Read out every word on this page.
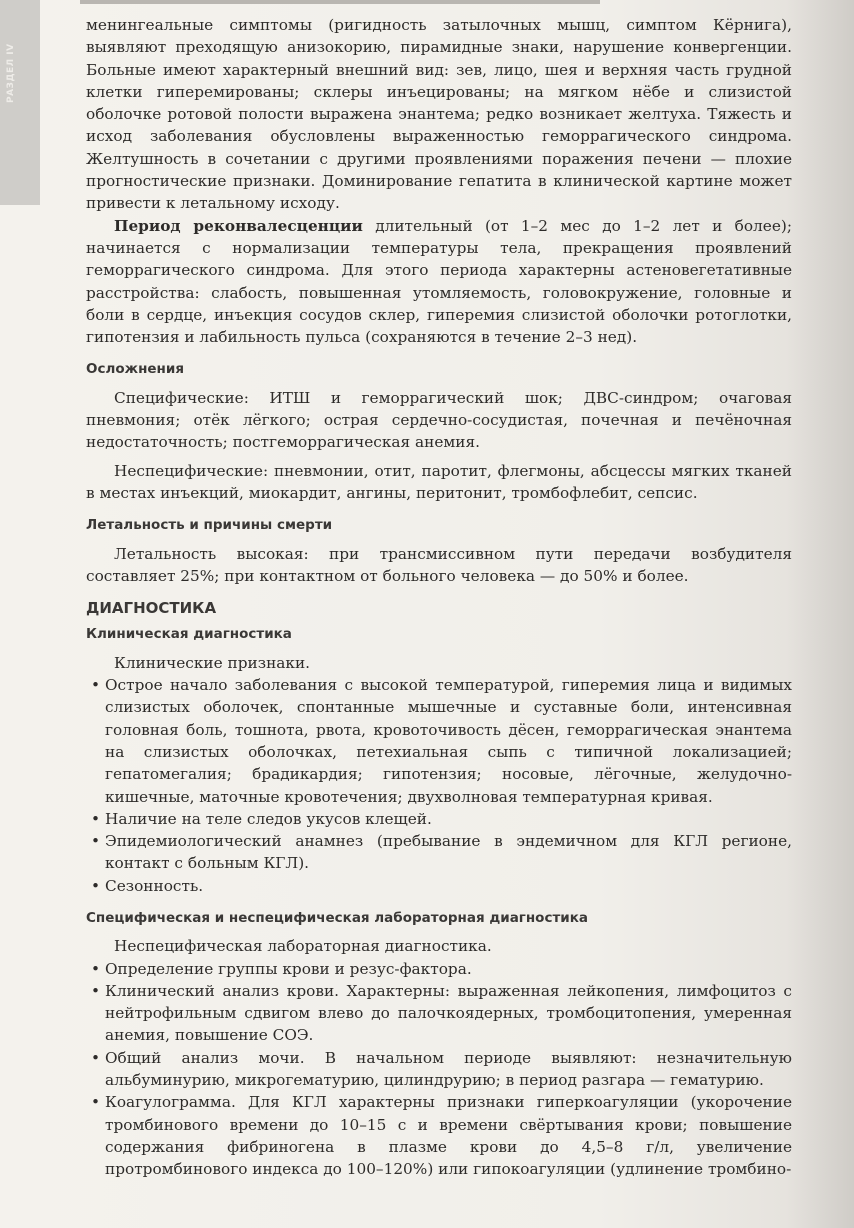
РАЗДЕЛ IV

менингеальные симптомы (ригидность затылочных мышц, симптом Кёрнига), выявляют преходящую анизокорию, пирамидные знаки, нарушение конвергенции. Больные имеют характерный внешний вид: зев, лицо, шея и верхняя часть грудной клетки гиперемированы; склеры инъецированы; на мягком нёбе и слизистой оболочке ротовой полости выражена энантема; редко возникает желтуха. Тяжесть и исход заболевания обусловлены выраженностью геморрагического синдрома. Желтушность в сочетании с другими проявлениями поражения печени — плохие прогностические признаки. Доминирование гепатита в клинической картине может привести к летальному исходу.

Период реконвалесценции длительный (от 1–2 мес до 1–2 лет и более); начинается с нормализации температуры тела, прекращения проявлений геморрагического синдрома. Для этого периода характерны астеновегетативные расстройства: слабость, повышенная утомляемость, головокружение, головные и боли в сердце, инъекция сосудов склер, гиперемия слизистой оболочки ротоглотки, гипотензия и лабильность пульса (сохраняются в течение 2–3 нед).

Осложнения

Специфические: ИТШ и геморрагический шок; ДВС-синдром; очаговая пневмония; отёк лёгкого; острая сердечно-сосудистая, почечная и печёночная недостаточность; постгеморрагическая анемия.

Неспецифические: пневмонии, отит, паротит, флегмоны, абсцессы мягких тканей в местах инъекций, миокардит, ангины, перитонит, тромбофлебит, сепсис.

Летальность и причины смерти

Летальность высокая: при трансмиссивном пути передачи возбудителя составляет 25%; при контактном от больного человека — до 50% и более.

ДИАГНОСТИКА
Клиническая диагностика

Клинические признаки.

• Острое начало заболевания с высокой температурой, гиперемия лица и видимых слизистых оболочек, спонтанные мышечные и суставные боли, интенсивная головная боль, тошнота, рвота, кровоточивость дёсен, геморрагическая энантема на слизистых оболочках, петехиальная сыпь с типичной локализацией; гепатомегалия; брадикардия; гипотензия; носовые, лёгочные, желудочно-кишечные, маточные кровотечения; двухволновая температурная кривая.
• Наличие на теле следов укусов клещей.
• Эпидемиологический анамнез (пребывание в эндемичном для КГЛ регионе, контакт с больным КГЛ).
• Сезонность.
Специфическая и неспецифическая лабораторная диагностика

Неспецифическая лабораторная диагностика.

• Определение группы крови и резус-фактора.
• Клинический анализ крови. Характерны: выраженная лейкопения, лимфоцитоз с нейтрофильным сдвигом влево до палочкоядерных, тромбоцитопения, умеренная анемия, повышение СОЭ.
• Общий анализ мочи. В начальном периоде выявляют: незначительную альбуминурию, микрогематурию, цилиндрурию; в период разгара — гематурию.
• Коагулограмма. Для КГЛ характерны признаки гиперкоагуляции (укорочение тромбинового времени до 10–15 с и времени свёртывания крови; повышение содержания фибриногена в плазме крови до 4,5–8 г/л, увеличение протромбинового индекса до 100–120%) или гипокоагуляции (удлинение тромбино-
